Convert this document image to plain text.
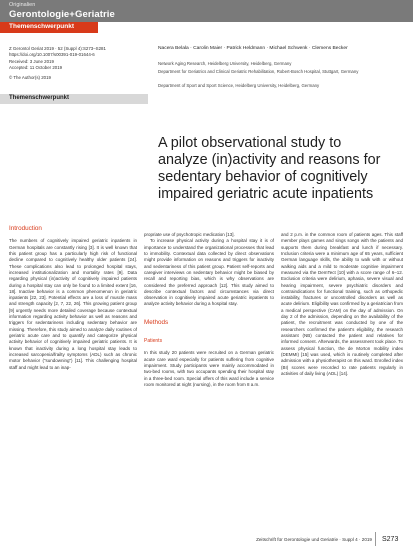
Originalien
Gerontologie+Geriatrie
Themenschwerpunkt
Z Gerontol Geriat 2019 · 52 (Suppl 4):S273–S281
https://doi.org/10.1007/s00391-019-01644-6
Received: 3 June 2019
Accepted: 11 October 2019
© The Author(s) 2019
Themenschwerpunkt
Nacera Belala · Carolin Maier · Patrick Heldmann · Michael Schwenk · Clemens Becker
Network Aging Research, Heidelberg University, Heidelberg, Germany
Department for Geriatrics and Clinical Geriatric Rehabilitation, Robert-Bosch Hospital, Stuttgart, Germany
Department of Sport and Sport Science, Heidelberg University, Heidelberg, Germany
A pilot observational study to analyze (in)activity and reasons for sedentary behavior of cognitively impaired geriatric acute inpatients
Introduction

The numbers of cognitively impaired geriatric inpatients in German hospitals are constantly rising [3]. It is well known that this patient group has a particularly high risk of functional decline compared to cognitively healthy older patients [24]. These complications also lead to prolonged hospital stays, increased institutionalization and mortality rates [9]. Data regarding physical (in)activity of cognitively impaired patients during a hospital stay can only be found to a limited extent [16, 18]. Inactive behavior is a common phenomenon in geriatric inpatients [22, 23]. Potential effects are a loss of muscle mass and strength capacity [2, 7, 22, 26]. This growing patient group [9] urgently needs more detailed coverage because contextual information regarding activity behavior as well as reasons and triggers for sedentariness including sedentary behavior are missing. Therefore, this study aimed to analyze daily routines of geriatric acute care and to quantify and categorize physical activity behavior of cognitively impaired geriatric patients. It is known that inactivity during a long hospital stay leads to increased sarcopenia/frailty symptoms (ADL) such as chronic motor behavior (“sundowning”) [11]. This challenging hospital staff and might lead to an inap-

propriate use of psychotropic medication [13].

To increase physical activity during a hospital stay it is of importance to understand the organizational processes that lead to immobility. Contextual data collected by direct observations might provide information on reasons and triggers for inactivity and sedentariness of this patient group. Patient self-reports and caregiver interviews on sedentary behavior might be biased by recall and reporting bias, which is why observations are considered the preferred approach [12]. This study aimed to describe contextual factors and circumstances via direct observation in cognitively impaired acute geriatric inpatients to analyze activity behavior during a hospital stay.

Methods
Patients

In this study 20 patients were recruited on a German geriatric acute care ward especially for patients suffering from cognitive impairment. Study participants were mainly accommodated in two-bed rooms, with two occupants spending their hospital stay in a three-bed room. Special offers of this ward include a service room monitored at night (nursing), in the room from 8 a.m.

and 2 p.m. in the common room of patients ages. This staff member plays games and sings songs with the patients and supports them during breakfast and lunch if necessary. Inclusion criteria were a minimum age of 65 years, sufficient German language skills, the ability to walk with or without walking aids and a mild to moderate cognitive impairment measured via the DemTect [10] with a score range of 6–12. Exclusion criteria were delirium, aphasia, severe visual and hearing impairment, severe psychiatric disorders and contraindications for functional training, such as orthopedic instability, fractures or uncontrolled disorders as well as acute delirium. Eligibility was confirmed by a geriatrician from a medical perspective (CAM) on the day of admission. On day 2 of the admission, depending on the availability of the patient, the recruitment was conducted by one of the researchers confirmed the patient's eligibility, the research assistant (NB) contacted the patient and relatives for informed consent. Afterwards, the assessment took place. To assess physical function, the de Morton mobility index (DEMMI) [15] was used, which is routinely completed after admission with a physiotherapist on this ward. Enrolled index (BI) scores were recorded to rate patients regularly in activities of daily living (ADL) [14].

Zeitschrift für Gerontologie und Geriatrie · Suppl 4 · 2019 S273
